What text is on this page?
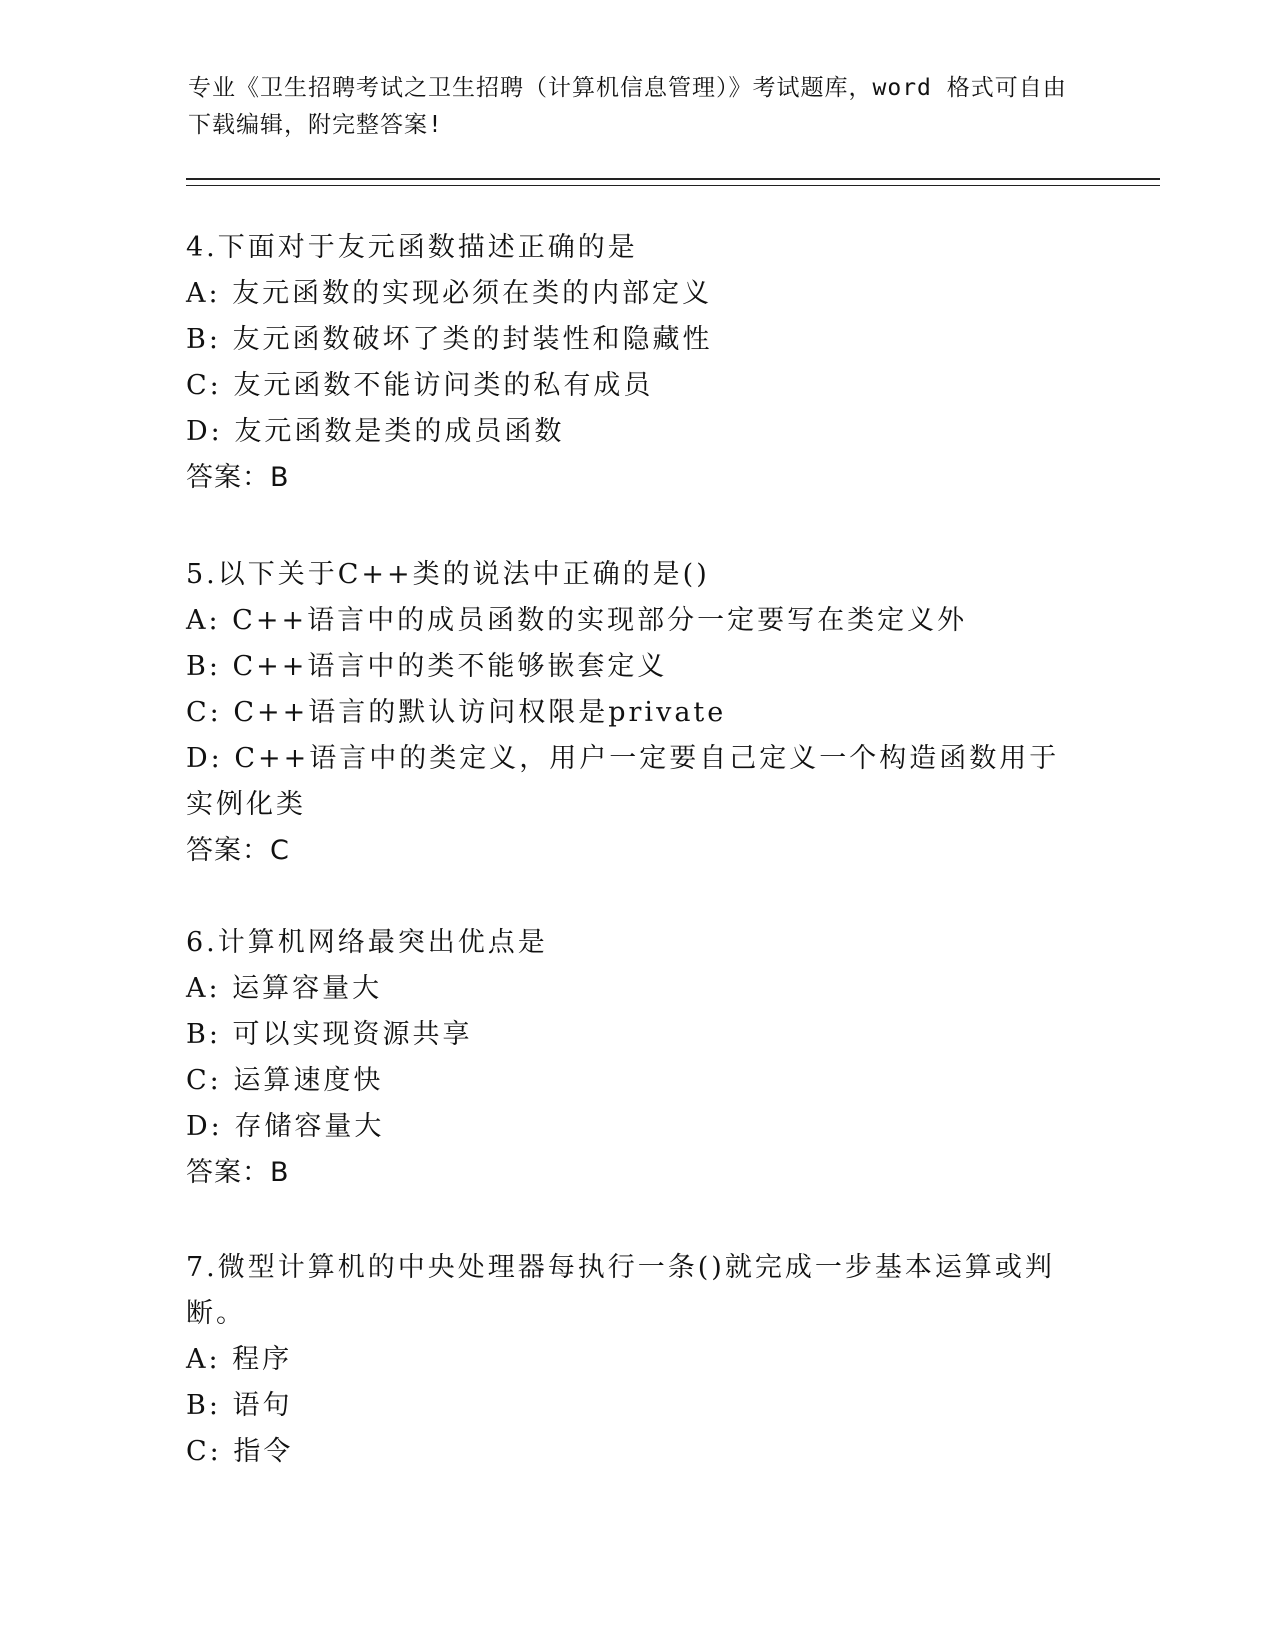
专业《卫生招聘考试之卫生招聘（计算机信息管理）》考试题库，word 格式可自由下载编辑，附完整答案!
4.下面对于友元函数描述正确的是
A: 友元函数的实现必须在类的内部定义
B: 友元函数破坏了类的封装性和隐藏性
C: 友元函数不能访问类的私有成员
D: 友元函数是类的成员函数
答案：B
5.以下关于C++类的说法中正确的是()
A: C++语言中的成员函数的实现部分一定要写在类定义外
B: C++语言中的类不能够嵌套定义
C: C++语言的默认访问权限是private
D: C++语言中的类定义，用户一定要自己定义一个构造函数用于实例化类
答案：C
6.计算机网络最突出优点是
A: 运算容量大
B: 可以实现资源共享
C: 运算速度快
D: 存储容量大
答案：B
7.微型计算机的中央处理器每执行一条()就完成一步基本运算或判断。
A: 程序
B: 语句
C: 指令
